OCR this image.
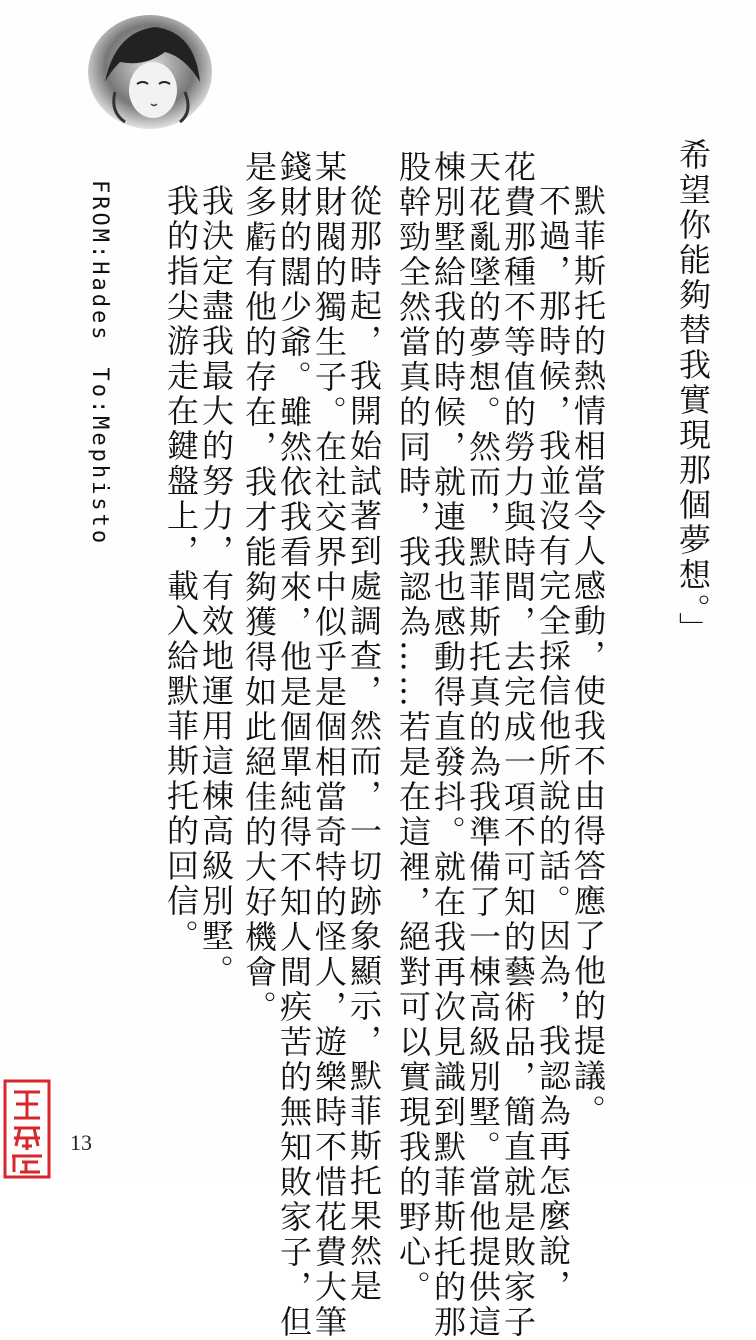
希望你能夠替我實現那個夢想。」
默菲斯托的熱情相當令人感動，使我不由得答應了他的提議。
不過，那時候，我並沒有完全採信他所說的話。因為，我認為再怎麼說，
花費那種不等值的勞力與時間，去完成一項不可知的藝術品，簡直就是敗家子
天花亂墜的夢想。然而，默菲斯托真的為我準備了一棟高級別墅。當他提供這
棟別墅給我的時候，就連我也感動得直發抖。就在我再次見識到默菲斯托的那
股幹勁全然當真的同時，我認為……若是在這裡，絕對可以實現我的野心。
從那時起，我開始試著到處調查，然而，一切跡象顯示，默菲斯托果然是
某財閥的獨生子。在社交界中似乎是個相當奇特的怪人，遊樂時不惜花費大筆
錢財的闊少爺。雖然依我看來，他是個單純得不知人間疾苦的無知敗家子，但
是多虧有他的存在，我才能夠獲得如此絕佳的大好機會。
我決定盡我最大的努力，有效地運用這棟高級別墅。
我的指尖游走在鍵盤上，載入給默菲斯托的回信。
FROM:Hades　To:Mephisto
13
